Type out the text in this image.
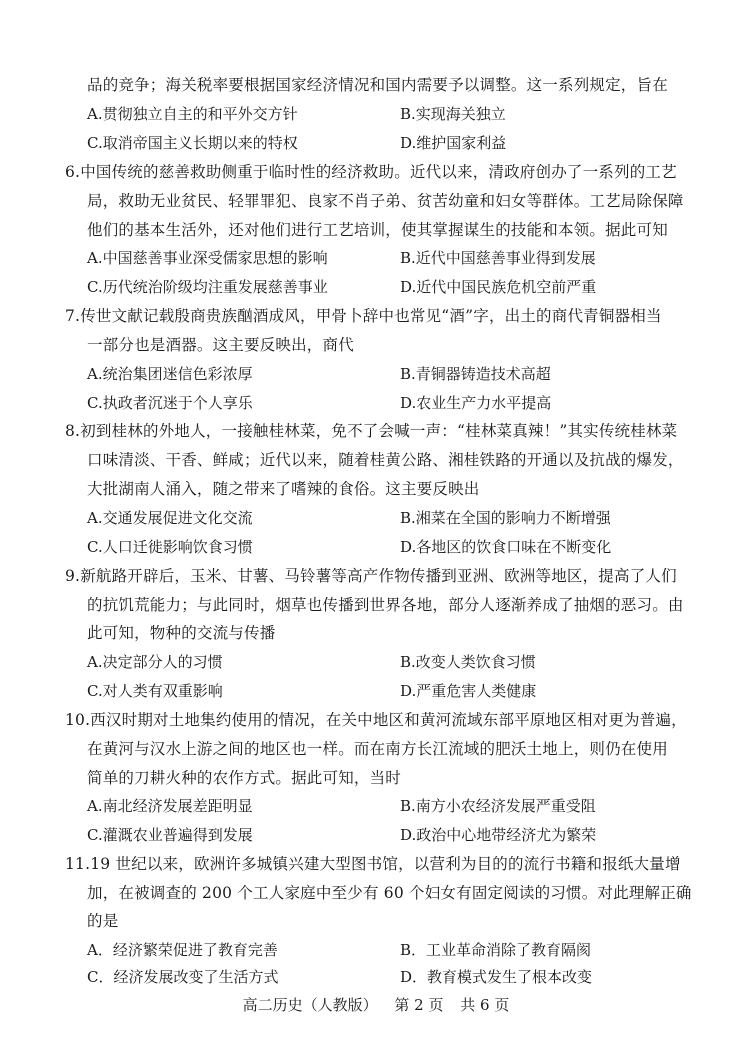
品的竞争；海关税率要根据国家经济情况和国内需要予以调整。这一系列规定，旨在
A.贯彻独立自主的和平外交方针	B.实现海关独立
C.取消帝国主义长期以来的特权	D.维护国家利益
6.中国传统的慈善救助侧重于临时性的经济救助。近代以来，清政府创办了一系列的工艺
局，救助无业贫民、轻罪罪犯、良家不肖子弟、贫苦幼童和妇女等群体。工艺局除保障
他们的基本生活外，还对他们进行工艺培训，使其掌握谋生的技能和本领。据此可知
A.中国慈善事业深受儒家思想的影响	B.近代中国慈善事业得到发展
C.历代统治阶级均注重发展慈善事业	D.近代中国民族危机空前严重
7.传世文献记载殷商贵族酗酒成风，甲骨卜辞中也常见“酒”字，出土的商代青铜器相当
一部分也是酒器。这主要反映出，商代
A.统治集团迷信色彩浓厚	B.青铜器铸造技术高超
C.执政者沉迷于个人享乐	D.农业生产力水平提高
8.初到桂林的外地人，一接触桂林菜，免不了会喊一声：“桂林菜真辣！”其实传统桂林菜
口味清淡、干香、鲜咸；近代以来，随着桂黄公路、湘桂铁路的开通以及抗战的爆发，
大批湖南人涌入，随之带来了嗜辣的食俗。这主要反映出
A.交通发展促进文化交流	B.湘菜在全国的影响力不断增强
C.人口迁徙影响饮食习惯	D.各地区的饮食口味在不断变化
9.新航路开辟后，玉米、甘薯、马铃薯等高产作物传播到亚洲、欧洲等地区，提高了人们
的抗饥荒能力；与此同时，烟草也传播到世界各地，部分人逐渐养成了抽烟的恶习。由
此可知，物种的交流与传播
A.决定部分人的习惯	B.改变人类饮食习惯
C.对人类有双重影响	D.严重危害人类健康
10.西汉时期对土地集约使用的情况，在关中地区和黄河流域东部平原地区相对更为普遍，
在黄河与汉水上游之间的地区也一样。而在南方长江流域的肥沃土地上，则仍在使用
简单的刀耕火种的农作方式。据此可知，当时
A.南北经济发展差距明显	B.南方小农经济发展严重受阻
C.灌溉农业普遍得到发展	D.政治中心地带经济尤为繁荣
11.19 世纪以来，欧洲许多城镇兴建大型图书馆，以营利为目的的流行书籍和报纸大量增
加，在被调查的 200 个工人家庭中至少有 60 个妇女有固定阅读的习惯。对此理解正确
的是
A．经济繁荣促进了教育完善	B．工业革命消除了教育隔阂
C．经济发展改变了生活方式	D．教育模式发生了根本改变
高二历史（人教版） 第 2 页 共 6 页
